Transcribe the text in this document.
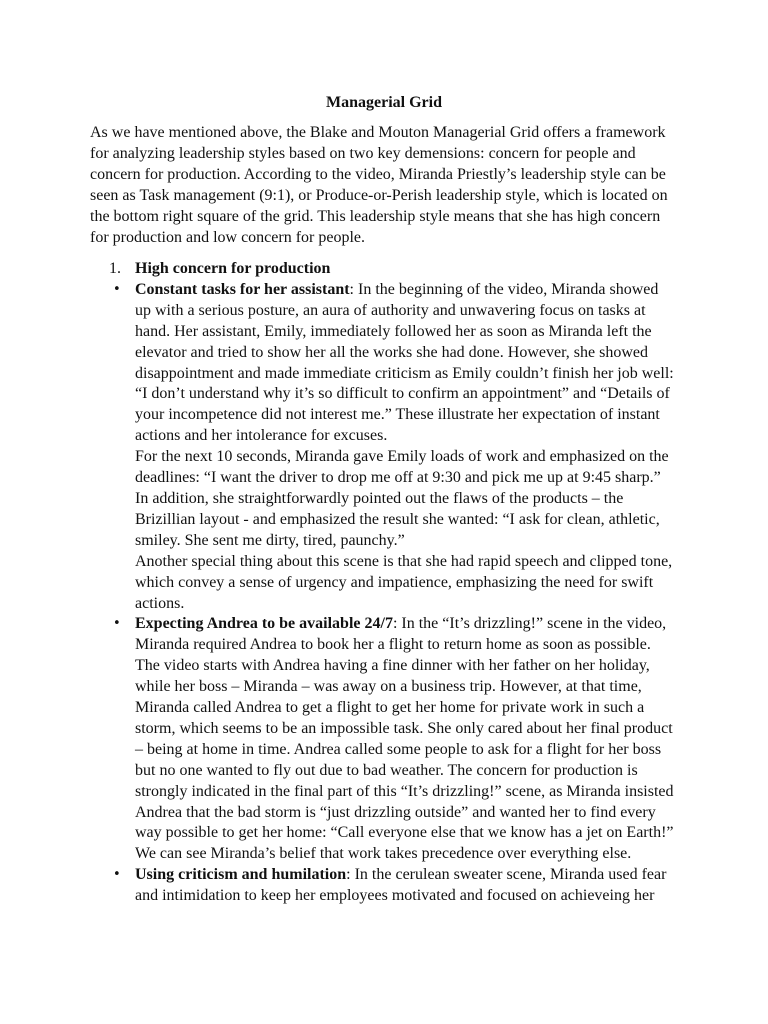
Managerial Grid

As we have mentioned above, the Blake and Mouton Managerial Grid offers a framework for analyzing leadership styles based on two key demensions: concern for people and concern for production. According to the video, Miranda Priestly’s leadership style can be seen as Task management (9:1), or Produce-or-Perish leadership style, which is located on the bottom right square of the grid. This leadership style means that she has high concern for production and low concern for people.

1. High concern for production

• Constant tasks for her assistant: In the beginning of the video, Miranda showed up with a serious posture, an aura of authority and unwavering focus on tasks at hand. Her assistant, Emily, immediately followed her as soon as Miranda left the elevator and tried to show her all the works she had done. However, she showed disappointment and made immediate criticism as Emily couldn’t finish her job well: “I don’t understand why it’s so difficult to confirm an appointment” and “Details of your incompetence did not interest me.” These illustrate her expectation of instant actions and her intolerance for excuses.

For the next 10 seconds, Miranda gave Emily loads of work and emphasized on the deadlines: “I want the driver to drop me off at 9:30 and pick me up at 9:45 sharp.” In addition, she straightforwardly pointed out the flaws of the products – the Brizillian layout - and emphasized the result she wanted: “I ask for clean, athletic, smiley. She sent me dirty, tired, paunchy.”

Another special thing about this scene is that she had rapid speech and clipped tone, which convey a sense of urgency and impatience, emphasizing the need for swift actions.

• Expecting Andrea to be available 24/7: In the “It’s drizzling!” scene in the video, Miranda required Andrea to book her a flight to return home as soon as possible. The video starts with Andrea having a fine dinner with her father on her holiday, while her boss – Miranda – was away on a business trip. However, at that time, Miranda called Andrea to get a flight to get her home for private work in such a storm, which seems to be an impossible task. She only cared about her final product – being at home in time. Andrea called some people to ask for a flight for her boss but no one wanted to fly out due to bad weather. The concern for production is strongly indicated in the final part of this “It’s drizzling!” scene, as Miranda insisted Andrea that the bad storm is “just drizzling outside” and wanted her to find every way possible to get her home: “Call everyone else that we know has a jet on Earth!”

We can see Miranda’s belief that work takes precedence over everything else.

• Using criticism and humilation: In the cerulean sweater scene, Miranda used fear and intimidation to keep her employees motivated and focused on achieveing her
